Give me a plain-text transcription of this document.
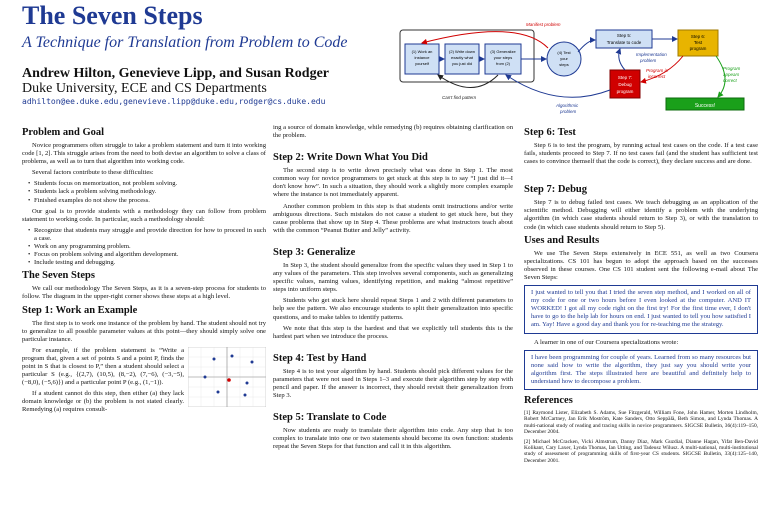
The Seven Steps
A Technique for Translation from Problem to Code
Andrew Hilton, Genevieve Lipp, and Susan Rodger
Duke University, ECE and CS Departments
adhilton@ee.duke.edu,genevieve.lipp@duke.edu,rodger@cs.duke.edu
(1) Work an
instance
yourself
(2) Write down
exactly what
you just did
(3) Generalize
your steps
from (2)
(4) Test
your
steps
Step 5:
Translate to code
Step 6:
Test
program
Step 7:
Debug
program
Success!
Manifest problem
Can't find pattern
Implementation
problem
Program is
incorrect
Program
appears
correct
Algorithmic
problem
Problem and Goal

Novice programmers often struggle to take a problem statement and turn it into working code [1, 2]. This struggle arises from the need to both devise an algorithm to solve a class of problems, as well as to turn that algorithm into working code.

Several factors contribute to these difficulties:

• Students focus on memorization, not problem solving.
• Students lack a problem solving methodology.
• Finished examples do not show the process.

Our goal is to provide students with a methodology they can follow from problem statement to working code. In particular, such a methodology should:

• Recognize that students may struggle and provide direction for how to proceed in such a case.
• Work on any programming problem.
• Focus on problem solving and algorithm development.
• Include testing and debugging.
The Seven Steps

We call our methodology The Seven Steps, as it is a seven-step process for students to follow. The diagram in the upper-right corner shows these steps at a high level.

Step 1: Work an Example

The first step is to work one instance of the problem by hand. The student should not try to generalize to all possible parameter values at this point—they should simply solve one particular instance.

For example, if the problem statement is “Write a program that, given a set of points S and a point P, finds the point in S that is closest to P,” then a student should select a particular S (e.g., {(2,7), (10,5), (8,−2), (7,−6), (−3,−5), (−8,0), (−5,6)}) and a particular point P (e.g., (1,−1)).

If a student cannot do this step, then either (a) they lack domain knowledge or (b) the problem is not stated clearly. Remedying (a) requires consult-

ing a source of domain knowledge, while remedying (b) requires obtaining clarification on the problem.

Step 2: Write Down What You Did

The second step is to write down precisely what was done in Step 1. The most common way for novice programmers to get stuck at this step is to say “I just did it—I don't know how”. In such a situation, they should work a slightly more complex example where the instance is not immediately apparent.

Another common problem in this step is that students omit instructions and/or write ambiguous directions. Such mistakes do not cause a student to get stuck here, but they cause problems that show up in Step 4. These problems are what instructors teach about with the common “Peanut Butter and Jelly” activity.

Step 3: Generalize

In Step 3, the student should generalize from the specific values they used in Step 1 to any values of the parameters. This step involves several components, such as generalizing specific values, naming values, identifying repetition, and making “almost repetitive” steps into uniform steps.

Students who get stuck here should repeat Steps 1 and 2 with different parameters to help see the pattern. We also encourage students to split their generalization into specific questions, and to make tables to identify patterns.

We note that this step is the hardest and that we explicitly tell students this is the hardest part when we introduce the process.

Step 4: Test by Hand

Step 4 is to test your algorithm by hand. Students should pick different values for the parameters that were not used in Steps 1–3 and execute their algorithm step by step with pencil and paper. If the answer is incorrect, they should revisit their generalization from Step 3.

Step 5: Translate to Code

Now students are ready to translate their algorithm into code. Any step that is too complex to translate into one or two statements should become its own function: students repeat the Seven Steps for that function and call it in this algorithm.

Step 6: Test

Step 6 is to test the program, by running actual test cases on the code. If a test case fails, students proceed to Step 7. If no test cases fail (and the student has sufficient test cases to convince themself that the code is correct), they declare success and are done.

Step 7: Debug

Step 7 is to debug failed test cases. We teach debugging as an application of the scientific method. Debugging will either identify a problem with the underlying algorithm (in which case students should return to Step 3), or with the translation to code (in which case students should return to Step 5).

Uses and Results

We use The Seven Steps extensively in ECE 551, as well as two Coursera specializations. CS 101 has begun to adopt the approach based on the successes observed in these courses. One CS 101 student sent the following e-mail about The Seven Steps:

I just wanted to tell you that I tried the seven step method, and I worked on all of my code for one or two hours before I even looked at the computer. AND IT WORKED! I got all my code right on the first try! For the first time ever, I don't have to go to the help lab for hours on end. I just wanted to tell you how satisfied I am. Yay! Have a good day and thank you for re-teaching me the strategy.

A learner in one of our Coursera specializations wrote:

I have been programming for couple of years. Learned from so many resources but none said how to write the algorithm, they just say you should write your algorithm first. The steps illustrated here are beautiful and definitely help to understand how to decompose a problem.
References

[1] Raymond Lister, Elizabeth S. Adams, Sue Fitzgerald, William Fone, John Hamer, Morten Lindholm, Robert McCartney, Jan Erik Moström, Kate Sanders, Otto Seppälä, Beth Simon, and Lynda Thomas. A multi-national study of reading and tracing skills in novice programmers. SIGCSE Bulletin, 36(4):119–150, December 2004.

[2] Michael McCracken, Vicki Almstrum, Danny Diaz, Mark Guzdial, Dianne Hagan, Yifat Ben-David Kolikant, Cary Laxer, Lynda Thomas, Ian Utting, and Tadeusz Wilusz. A multi-national, multi-institutional study of assessment of programming skills of first-year CS students. SIGCSE Bulletin, 33(4):125–140, December 2001.
